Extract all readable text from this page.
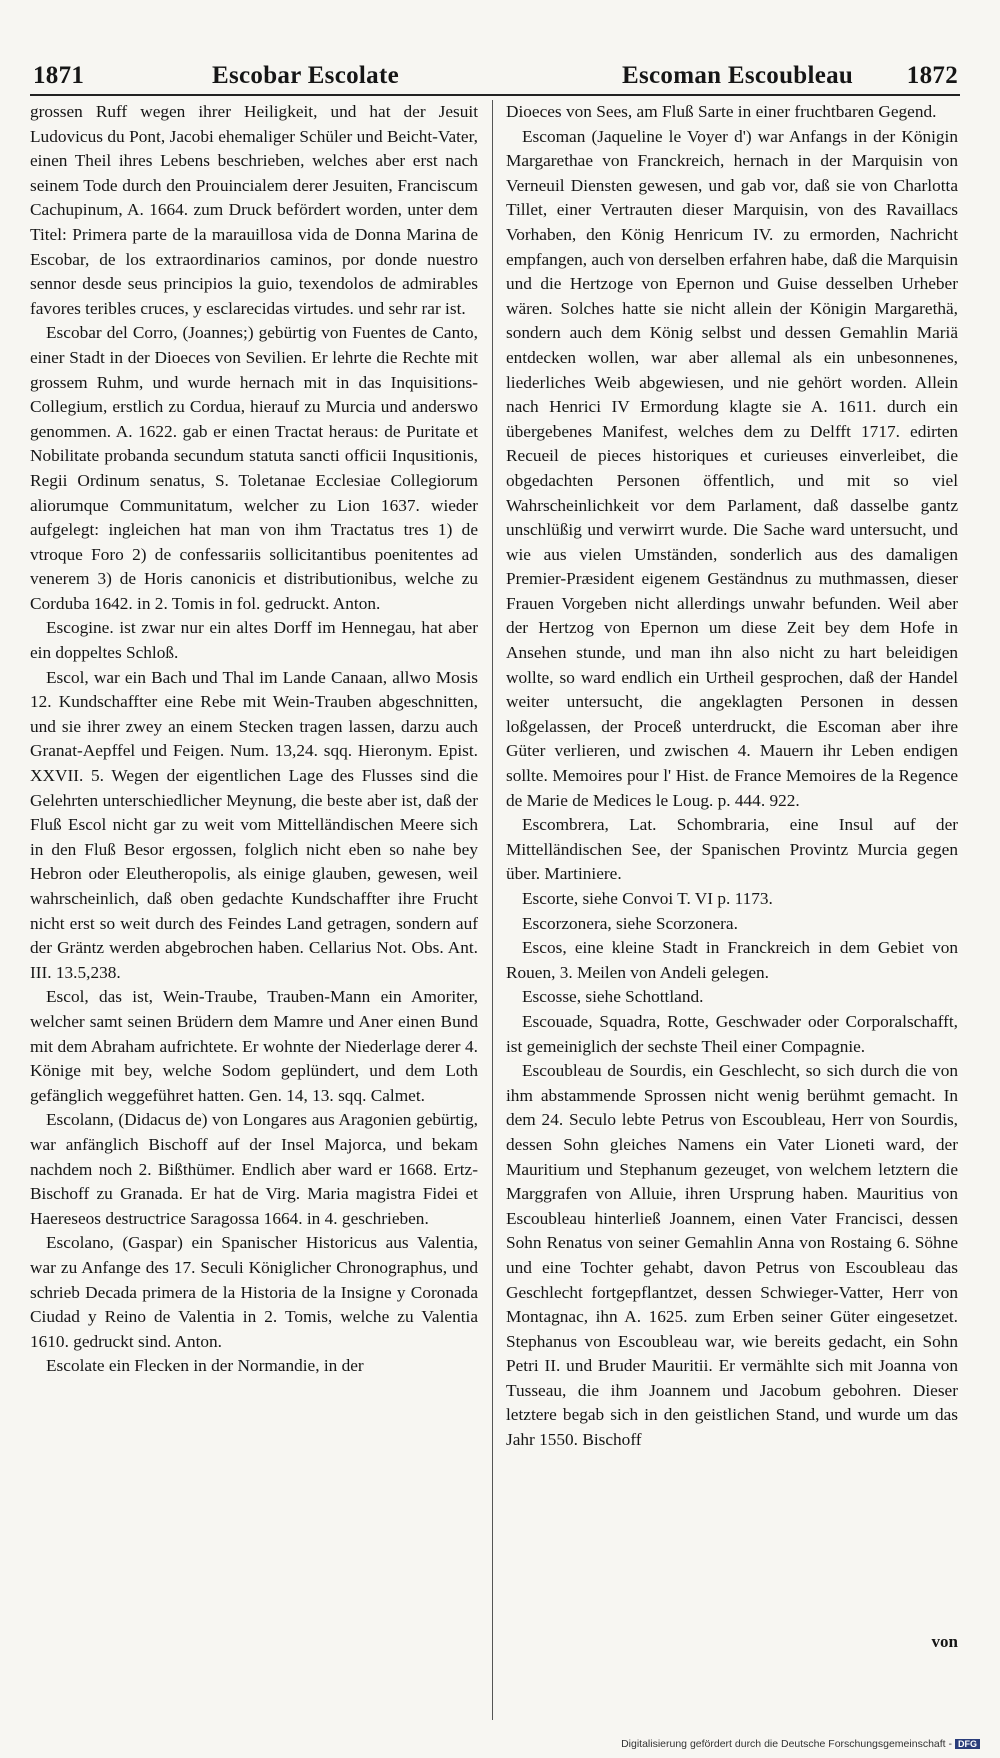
1871	Escobar Escolate	Escoman Escoubleau 1872

grossen Ruff wegen ihrer Heiligkeit, und hat der Jesuit Ludovicus du Pont, Jacobi ehemaliger Schüler und Beicht-Vater, einen Theil ihres Lebens beschrieben, welches aber erst nach seinem Tode durch den Prouincialem derer Jesuiten, Franciscum Cachupinum, A. 1664. zum Druck befördert worden, unter dem Titel: Primera parte de la marauillosa vida de Donna Marina de Escobar, de los extraordinarios caminos, por donde nuestro sennor desde seus principios la guio, texendolos de admirables favores teribles cruces, y esclarecidas virtudes. und sehr rar ist.

Escobar del Corro, (Joannes;) gebürtig von Fuentes de Canto, einer Stadt in der Dioeces von Sevilien. Er lehrte die Rechte mit grossem Ruhm, und wurde hernach mit in das Inquisitions-Collegium, erstlich zu Cordua, hierauf zu Murcia und anderswo genommen. A. 1622. gab er einen Tractat heraus: de Puritate et Nobilitate probanda secundum statuta sancti officii Inqusitionis, Regii Ordinum senatus, S. Toletanae Ecclesiae Collegiorum aliorumque Communitatum, welcher zu Lion 1637. wieder aufgelegt: ingleichen hat man von ihm Tractatus tres 1) de vtroque Foro 2) de confessariis sollicitantibus poenitentes ad venerem 3) de Horis canonicis et distributionibus, welche zu Corduba 1642. in 2. Tomis in fol. gedruckt. Anton.

Escogine. ist zwar nur ein altes Dorff im Hennegau, hat aber ein doppeltes Schloß.

Escol, war ein Bach und Thal im Lande Canaan, allwo Mosis 12. Kundschaffter eine Rebe mit Wein-Trauben abgeschnitten, und sie ihrer zwey an einem Stecken tragen lassen, darzu auch Granat-Aepffel und Feigen. Num. 13,24. sqq. Hieronym. Epist. XXVII. 5. Wegen der eigentlichen Lage des Flusses sind die Gelehrten unterschiedlicher Meynung, die beste aber ist, daß der Fluß Escol nicht gar zu weit vom Mittelländischen Meere sich in den Fluß Besor ergossen, folglich nicht eben so nahe bey Hebron oder Eleutheropolis, als einige glauben, gewesen, weil wahrscheinlich, daß oben gedachte Kundschaffter ihre Frucht nicht erst so weit durch des Feindes Land getragen, sondern auf der Gräntz werden abgebrochen haben. Cellarius Not. Obs. Ant. III. 13.5,238.

Escol, das ist, Wein-Traube, Trauben-Mann ein Amoriter, welcher samt seinen Brüdern dem Mamre und Aner einen Bund mit dem Abraham aufrichtete. Er wohnte der Niederlage derer 4. Könige mit bey, welche Sodom geplündert, und dem Loth gefänglich weggeführet hatten. Gen. 14, 13. sqq. Calmet.

Escolann, (Didacus de) von Longares aus Aragonien gebürtig, war anfänglich Bischoff auf der Insel Majorca, und bekam nachdem noch 2. Bißthümer. Endlich aber ward er 1668. Ertz-Bischoff zu Granada. Er hat de Virg. Maria magistra Fidei et Haereseos destructrice Saragossa 1664. in 4. geschrieben.

Escolano, (Gaspar) ein Spanischer Historicus aus Valentia, war zu Anfange des 17. Seculi Königlicher Chronographus, und schrieb Decada primera de la Historia de la Insigne y Coronada Ciudad y Reino de Valentia in 2. Tomis, welche zu Valentia 1610. gedruckt sind. Anton.

Escolate ein Flecken in der Normandie, in der

Dioeces von Sees, am Fluß Sarte in einer fruchtbaren Gegend.

Escoman (Jaqueline le Voyer d') war Anfangs in der Königin Margarethae von Franckreich, hernach in der Marquisin von Verneuil Diensten gewesen, und gab vor, daß sie von Charlotta Tillet, einer Vertrauten dieser Marquisin, von des Ravaillacs Vorhaben, den König Henricum IV. zu ermorden, Nachricht empfangen, auch von derselben erfahren habe, daß die Marquisin und die Hertzoge von Epernon und Guise desselben Urheber wären. Solches hatte sie nicht allein der Königin Margarethä, sondern auch dem König selbst und dessen Gemahlin Mariä entdecken wollen, war aber allemal als ein unbesonnenes, liederliches Weib abgewiesen, und nie gehört worden. Allein nach Henrici IV Ermordung klagte sie A. 1611. durch ein übergebenes Manifest, welches dem zu Delfft 1717. edirten Recueil de pieces historiques et curieuses einverleibet, die obgedachten Personen öffentlich, und mit so viel Wahrscheinlichkeit vor dem Parlament, daß dasselbe gantz unschlüßig und verwirrt wurde. Die Sache ward untersucht, und wie aus vielen Umständen, sonderlich aus des damaligen Premier-Præsident eigenem Geständnus zu muthmassen, dieser Frauen Vorgeben nicht allerdings unwahr befunden. Weil aber der Hertzog von Epernon um diese Zeit bey dem Hofe in Ansehen stunde, und man ihn also nicht zu hart beleidigen wollte, so ward endlich ein Urtheil gesprochen, daß der Handel weiter untersucht, die angeklagten Personen in dessen loßgelassen, der Proceß unterdruckt, die Escoman aber ihre Güter verlieren, und zwischen 4. Mauern ihr Leben endigen sollte. Memoires pour l' Hist. de France Memoires de la Regence de Marie de Medices le Loug. p. 444. 922.

Escombrera, Lat. Schombraria, eine Insul auf der Mittelländischen See, der Spanischen Provintz Murcia gegen über. Martiniere.

Escorte, siehe Convoi T. VI p. 1173.

Escorzonera, siehe Scorzonera.

Escos, eine kleine Stadt in Franckreich in dem Gebiet von Rouen, 3. Meilen von Andeli gelegen.

Escosse, siehe Schottland.

Escouade, Squadra, Rotte, Geschwader oder Corporalschafft, ist gemeiniglich der sechste Theil einer Compagnie.

Escoubleau de Sourdis, ein Geschlecht, so sich durch die von ihm abstammende Sprossen nicht wenig berühmt gemacht. In dem 24. Seculo lebte Petrus von Escoubleau, Herr von Sourdis, dessen Sohn gleiches Namens ein Vater Lioneti ward, der Mauritium und Stephanum gezeuget, von welchem letztern die Marggrafen von Alluie, ihren Ursprung haben. Mauritius von Escoubleau hinterließ Joannem, einen Vater Francisci, dessen Sohn Renatus von seiner Gemahlin Anna von Rostaing 6. Söhne und eine Tochter gehabt, davon Petrus von Escoubleau das Geschlecht fortgepflantzet, dessen Schwieger-Vatter, Herr von Montagnac, ihn A. 1625. zum Erben seiner Güter eingesetzet. Stephanus von Escoubleau war, wie bereits gedacht, ein Sohn Petri II. und Bruder Mauritii. Er vermählte sich mit Joanna von Tusseau, die ihm Joannem und Jacobum gebohren. Dieser letztere begab sich in den geistlichen Stand, und wurde um das Jahr 1550. Bischoff

von
Digitalisierung gefördert durch die Deutsche Forschungsgemeinschaft - DFG
